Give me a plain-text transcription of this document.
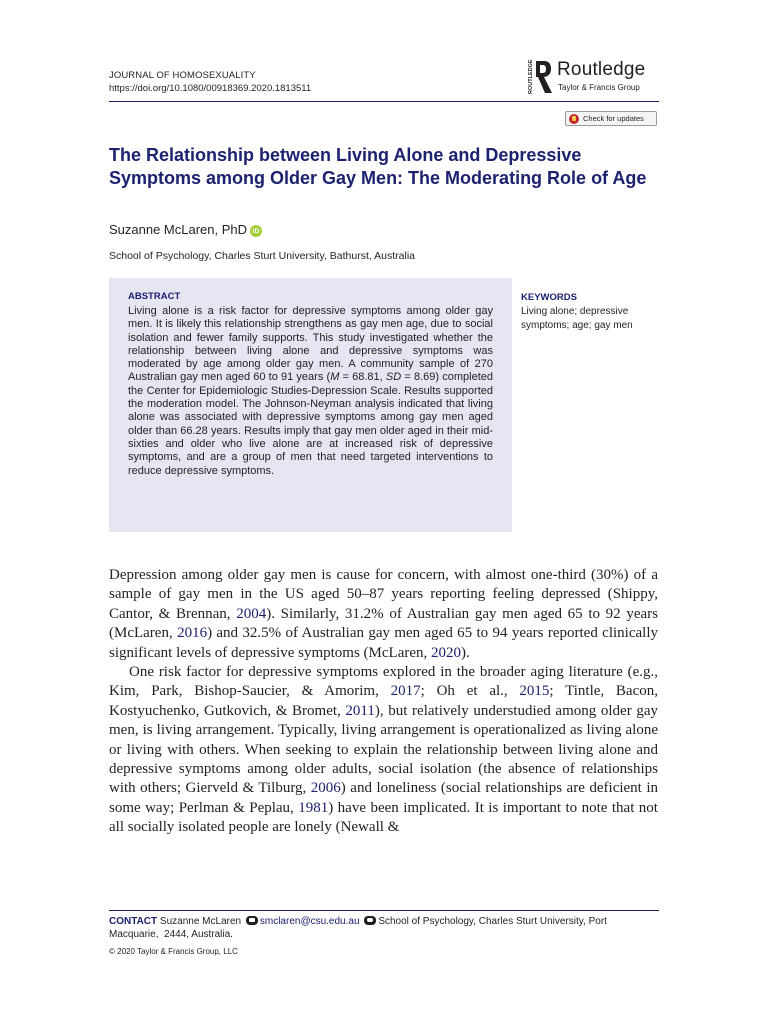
JOURNAL OF HOMOSEXUALITY
https://doi.org/10.1080/00918369.2020.1813511	ROUTLEDGE Routledge
Taylor & Francis Group
Check for updates
The Relationship between Living Alone and Depressive Symptoms among Older Gay Men: The Moderating Role of Age
Suzanne McLaren, PhD iD
School of Psychology, Charles Sturt University, Bathurst, Australia
ABSTRACT
Living alone is a risk factor for depressive symptoms among older gay men. It is likely this relationship strengthens as gay men age, due to social isolation and fewer family supports. This study investigated whether the relationship between living alone and depressive symptoms was moderated by age among older gay men. A community sample of 270 Australian gay men aged 60 to 91 years (M = 68.81, SD = 8.69) completed the Center for Epidemiologic Studies-Depression Scale. Results supported the moderation model. The Johnson-Neyman analysis indicated that living alone was associated with depressive symptoms among gay men aged older than 66.28 years. Results imply that gay men older aged in their mid-sixties and older who live alone are at increased risk of depressive symptoms, and are a group of men that need targeted interventions to reduce depressive symptoms.
KEYWORDS
Living alone; depressive symptoms; age; gay men

Depression among older gay men is cause for concern, with almost one-third (30%) of a sample of gay men in the US aged 50–87 years reporting feeling depressed (Shippy, Cantor, & Brennan, 2004). Similarly, 31.2% of Australian gay men aged 65 to 92 years (McLaren, 2016) and 32.5% of Australian gay men aged 65 to 94 years reported clinically significant levels of depressive symptoms (McLaren, 2020).

One risk factor for depressive symptoms explored in the broader aging literature (e.g., Kim, Park, Bishop-Saucier, & Amorim, 2017; Oh et al., 2015; Tintle, Bacon, Kostyuchenko, Gutkovich, & Bromet, 2011), but relatively understudied among older gay men, is living arrangement. Typically, living arrangement is operationalized as living alone or living with others. When seeking to explain the relationship between living alone and depressive symptoms among older adults, social isolation (the absence of relationships with others; Gierveld & Tilburg, 2006) and loneliness (social relationships are deficient in some way; Perlman & Peplau, 1981) have been implicated. It is important to note that not all socially isolated people are lonely (Newall &

CONTACT Suzanne McLaren smclaren@csu.edu.au School of Psychology, Charles Sturt University, Port Macquarie,  2444, Australia.
© 2020 Taylor & Francis Group, LLC
